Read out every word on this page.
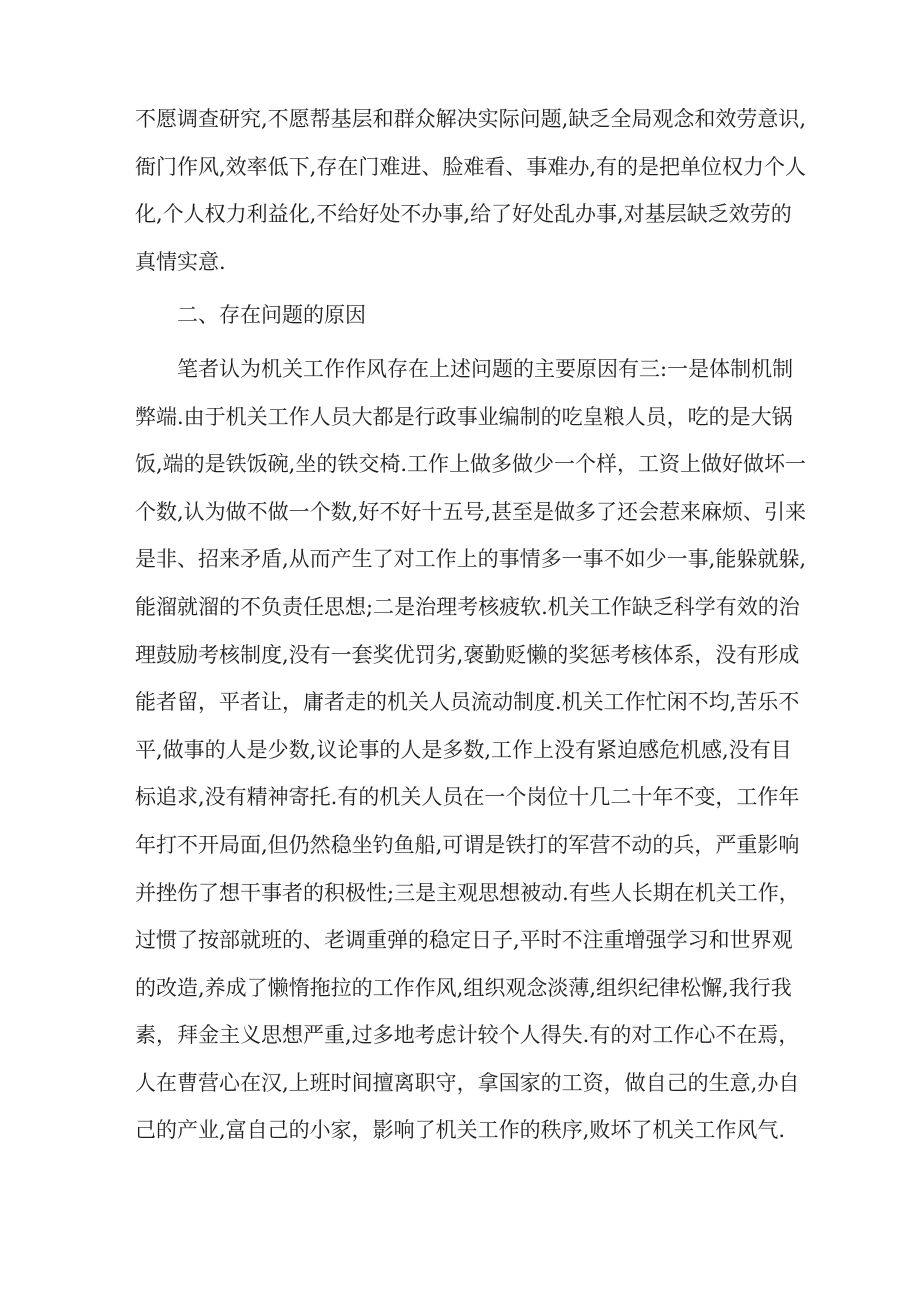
不愿调查研究,不愿帮基层和群众解决实际问题,缺乏全局观念和效劳意识,衙门作风,效率低下,存在门难进、脸难看、事难办,有的是把单位权力个人化,个人权力利益化,不给好处不办事,给了好处乱办事,对基层缺乏效劳的真情实意.

二、存在问题的原因

笔者认为机关工作作风存在上述问题的主要原因有三:一是体制机制弊端.由于机关工作人员大都是行政事业编制的吃皇粮人员，吃的是大锅饭,端的是铁饭碗,坐的铁交椅.工作上做多做少一个样，工资上做好做坏一个数,认为做不做一个数,好不好十五号,甚至是做多了还会惹来麻烦、引来是非、招来矛盾,从而产生了对工作上的事情多一事不如少一事,能躲就躲,能溜就溜的不负责任思想;二是治理考核疲软.机关工作缺乏科学有效的治理鼓励考核制度,没有一套奖优罚劣,褒勤贬懒的奖惩考核体系，没有形成能者留，平者让，庸者走的机关人员流动制度.机关工作忙闲不均,苦乐不平,做事的人是少数,议论事的人是多数,工作上没有紧迫感危机感,没有目标追求,没有精神寄托.有的机关人员在一个岗位十几二十年不变，工作年年打不开局面,但仍然稳坐钓鱼船,可谓是铁打的军营不动的兵，严重影响并挫伤了想干事者的积极性;三是主观思想被动.有些人长期在机关工作，过惯了按部就班的、老调重弹的稳定日子,平时不注重增强学习和世界观的改造,养成了懒惰拖拉的工作作风,组织观念淡薄,组织纪律松懈,我行我素，拜金主义思想严重,过多地考虑计较个人得失.有的对工作心不在焉，人在曹营心在汉,上班时间擅离职守，拿国家的工资，做自己的生意,办自己的产业,富自己的小家，影响了机关工作的秩序,败坏了机关工作风气.
